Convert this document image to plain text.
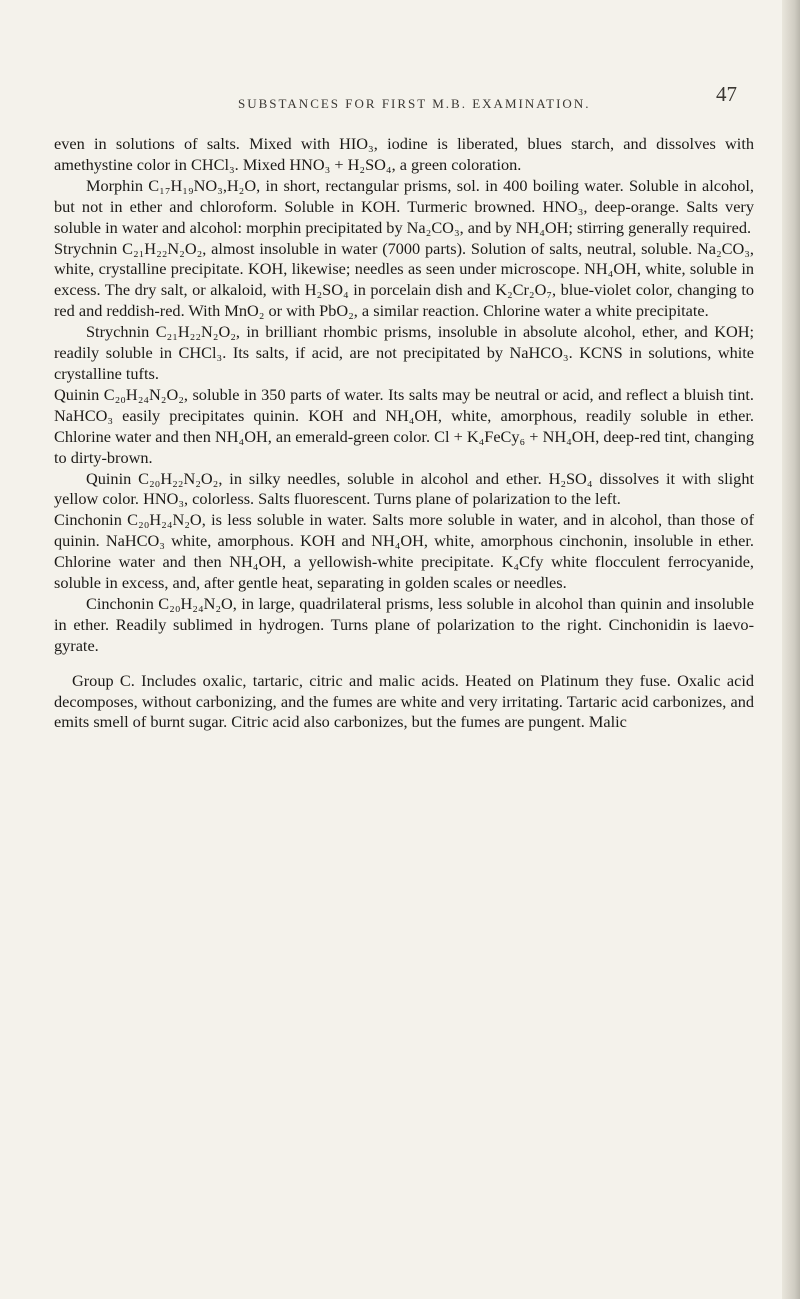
SUBSTANCES FOR FIRST M.B. EXAMINATION.	47

even in solutions of salts. Mixed with HIO₃, iodine is liberated, blues starch, and dissolves with amethystine color in CHCl₃. Mixed HNO₃ + H₂SO₄, a green coloration.

Morphin C₁₇H₁₉NO₃,H₂O, in short, rectangular prisms, sol. in 400 boiling water. Soluble in alcohol, but not in ether and chloroform. Soluble in KOH. Turmeric browned. HNO₃, deep-orange. Salts very soluble in water and alcohol: morphin precipitated by Na₂CO₃, and by NH₄OH; stirring generally required.

Strychnin C₂₁H₂₂N₂O₂, almost insoluble in water (7000 parts). Solution of salts, neutral, soluble. Na₂CO₃, white, crystalline precipitate. KOH, likewise; needles as seen under microscope. NH₄OH, white, soluble in excess. The dry salt, or alkaloid, with H₂SO₄ in porcelain dish and K₂Cr₂O₇, blue-violet color, changing to red and reddish-red. With MnO₂ or with PbO₂, a similar reaction. Chlorine water a white precipitate.

Strychnin C₂₁H₂₂N₂O₂, in brilliant rhombic prisms, insoluble in absolute alcohol, ether, and KOH; readily soluble in CHCl₃. Its salts, if acid, are not precipitated by NaHCO₃. KCNS in solutions, white crystalline tufts.

Quinin C₂₀H₂₄N₂O₂, soluble in 350 parts of water. Its salts may be neutral or acid, and reflect a bluish tint. NaHCO₃ easily precipitates quinin. KOH and NH₄OH, white, amorphous, readily soluble in ether. Chlorine water and then NH₄OH, an emerald-green color. Cl + K₄FeCy₆ + NH₄OH, deep-red tint, changing to dirty-brown.

Quinin C₂₀H₂₂N₂O₂, in silky needles, soluble in alcohol and ether. H₂SO₄ dissolves it with slight yellow color. HNO₃, colorless. Salts fluorescent. Turns plane of polarization to the left.

Cinchonin C₂₀H₂₄N₂O, is less soluble in water. Salts more soluble in water, and in alcohol, than those of quinin. NaHCO₃ white, amorphous. KOH and NH₄OH, white, amorphous cinchonin, insoluble in ether. Chlorine water and then NH₄OH, a yellowish-white precipitate. K₄Cfy white flocculent ferrocyanide, soluble in excess, and, after gentle heat, separating in golden scales or needles.

Cinchonin C₂₀H₂₄N₂O, in large, quadrilateral prisms, less soluble in alcohol than quinin and insoluble in ether. Readily sublimed in hydrogen. Turns plane of polarization to the right. Cinchonidin is laevo-gyrate.

Group C. Includes oxalic, tartaric, citric and malic acids. Heated on Platinum they fuse. Oxalic acid decomposes, without carbonizing, and the fumes are white and very irritating. Tartaric acid carbonizes, and emits smell of burnt sugar. Citric acid also carbonizes, but the fumes are pungent. Malic
